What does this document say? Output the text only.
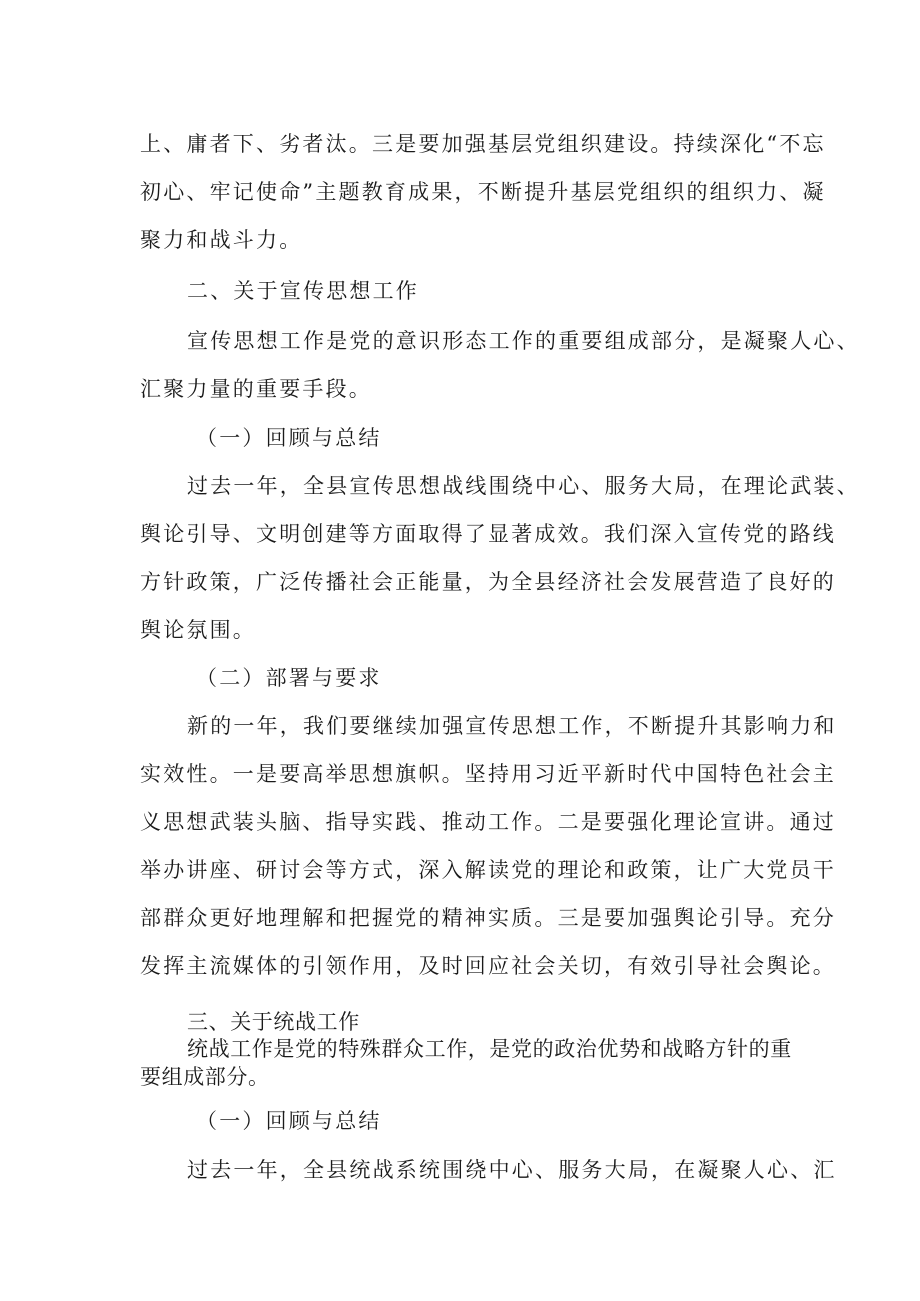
上、庸者下、劣者汰。三是要加强基层党组织建设。持续深化“不忘
初心、牢记使命”主题教育成果，不断提升基层党组织的组织力、凝
聚力和战斗力。
二、关于宣传思想工作
宣传思想工作是党的意识形态工作的重要组成部分，是凝聚人心、
汇聚力量的重要手段。
（一）回顾与总结
过去一年，全县宣传思想战线围绕中心、服务大局，在理论武装、
舆论引导、文明创建等方面取得了显著成效。我们深入宣传党的路线
方针政策，广泛传播社会正能量，为全县经济社会发展营造了良好的
舆论氛围。
（二）部署与要求
新的一年，我们要继续加强宣传思想工作，不断提升其影响力和
实效性。一是要高举思想旗帜。坚持用习近平新时代中国特色社会主
义思想武装头脑、指导实践、推动工作。二是要强化理论宣讲。通过
举办讲座、研讨会等方式，深入解读党的理论和政策，让广大党员干
部群众更好地理解和把握党的精神实质。三是要加强舆论引导。充分
发挥主流媒体的引领作用，及时回应社会关切，有效引导社会舆论。
三、关于统战工作
统战工作是党的特殊群众工作，是党的政治优势和战略方针的重
要组成部分。
（一）回顾与总结
过去一年，全县统战系统围绕中心、服务大局，在凝聚人心、汇
